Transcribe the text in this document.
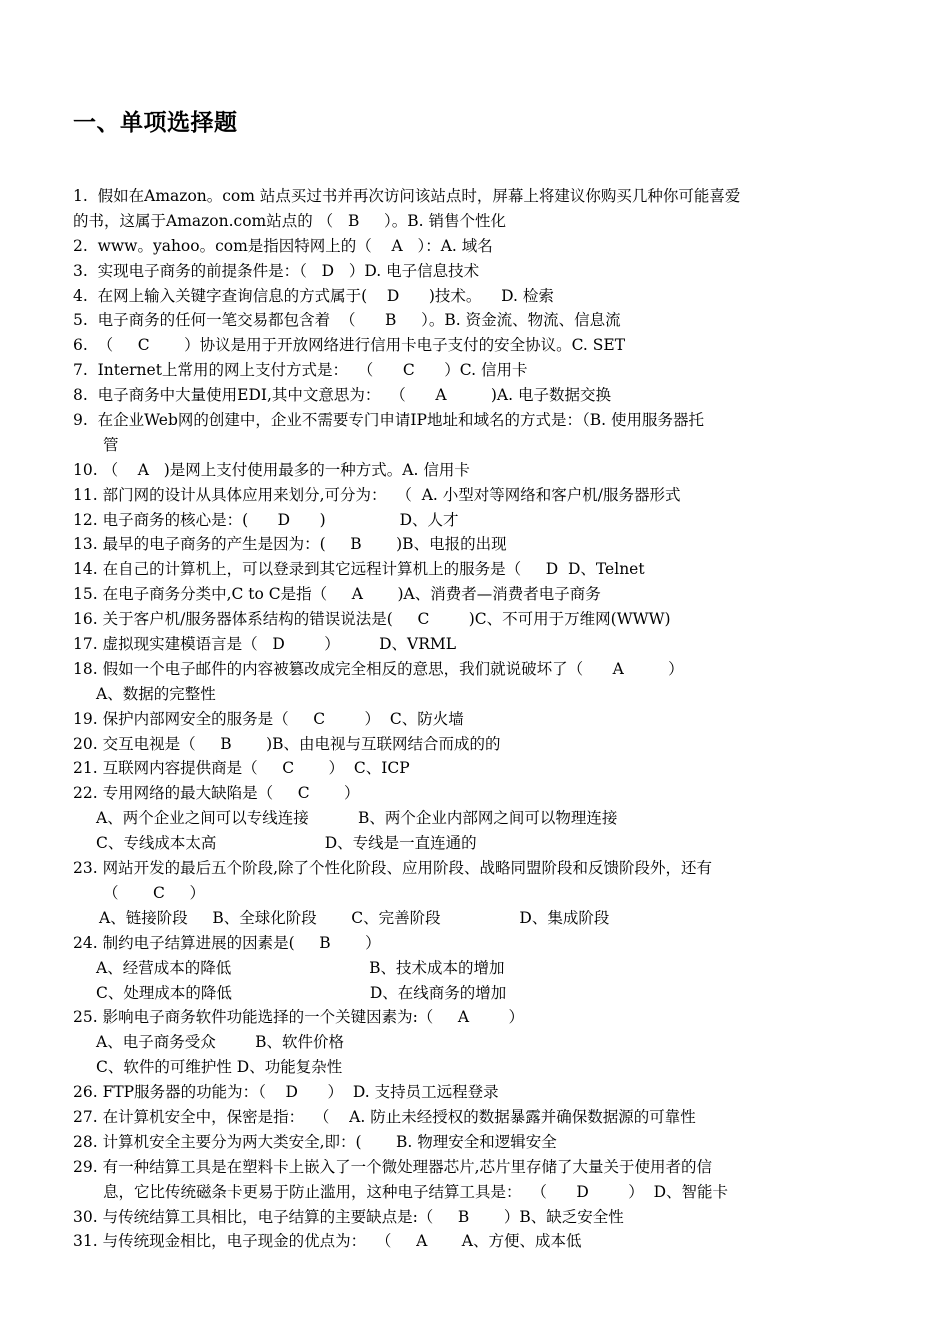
一、单项选择题
1.  假如在Amazon。com 站点买过书并再次访问该站点时，屏幕上将建议你购买几种你可能喜爱
的书，这属于Amazon.com站点的 （   B     ）。B. 销售个性化
2.  www。yahoo。com是指因特网上的（    A   ）：A. 域名
3.  实现电子商务的前提条件是：（   D   ）D. 电子信息技术
4.  在网上输入关键字查询信息的方式属于(    D      )技术。    D. 检索
5.  电子商务的任何一笔交易都包含着  （      B     ）。B. 资金流、物流、信息流
6.  （     C       ）协议是用于开放网络进行信用卡电子支付的安全协议。C. SET
7.  Internet上常用的网上支付方式是：  （      C      ）C. 信用卡
8.  电子商务中大量使用EDI,其中文意思为：  （      A         )A. 电子数据交换
9.  在企业Web网的创建中，企业不需要专门申请IP地址和域名的方式是：（B. 使用服务器托
管
10. （    A   )是网上支付使用最多的一种方式。A. 信用卡
11. 部门网的设计从具体应用来划分,可分为：  （  A. 小型对等网络和客户机/服务器形式
12. 电子商务的核心是：(      D      )               D、人才
13. 最早的电子商务的产生是因为：(     B       )B、电报的出现
14. 在自己的计算机上，可以登录到其它远程计算机上的服务是（     D  D、Telnet
15. 在电子商务分类中,C to C是指（     A       )A、消费者—消费者电子商务
16. 关于客户机/服务器体系结构的错误说法是(     C        )C、不可用于万维网(WWW)
17. 虚拟现实建模语言是（   D        ）        D、VRML
18. 假如一个电子邮件的内容被篡改成完全相反的意思，我们就说破坏了（      A         ）
A、数据的完整性
19. 保护内部网安全的服务是（     C        ）  C、防火墙
20. 交互电视是（     B       )B、由电视与互联网结合而成的的
21. 互联网内容提供商是（     C       ）  C、ICP
22. 专用网络的最大缺陷是（     C       ）
A、两个企业之间可以专线连接          B、两个企业内部网之间可以物理连接
C、专线成本太高                      D、专线是一直连通的
23. 网站开发的最后五个阶段,除了个性化阶段、应用阶段、战略同盟阶段和反馈阶段外，还有
（       C     ）
A、链接阶段     B、全球化阶段       C、完善阶段                D、集成阶段
24. 制约电子结算进展的因素是(     B       ）
A、经营成本的降低                            B、技术成本的增加
C、处理成本的降低                            D、在线商务的增加
25. 影响电子商务软件功能选择的一个关键因素为:（     A        ）
A、电子商务受众        B、软件价格
C、软件的可维护性 D、功能复杂性
26. FTP服务器的功能为：（    D      ）  D. 支持员工远程登录
27. 在计算机安全中，保密是指：  （    A. 防止未经授权的数据暴露并确保数据源的可靠性
28. 计算机安全主要分为两大类安全,即：(       B. 物理安全和逻辑安全
29. 有一种结算工具是在塑料卡上嵌入了一个微处理器芯片,芯片里存储了大量关于使用者的信
息，它比传统磁条卡更易于防止滥用，这种电子结算工具是：  （      D        ）  D、智能卡
30. 与传统结算工具相比，电子结算的主要缺点是:（     B       ）B、缺乏安全性
31. 与传统现金相比，电子现金的优点为：  （     A       A、方便、成本低
